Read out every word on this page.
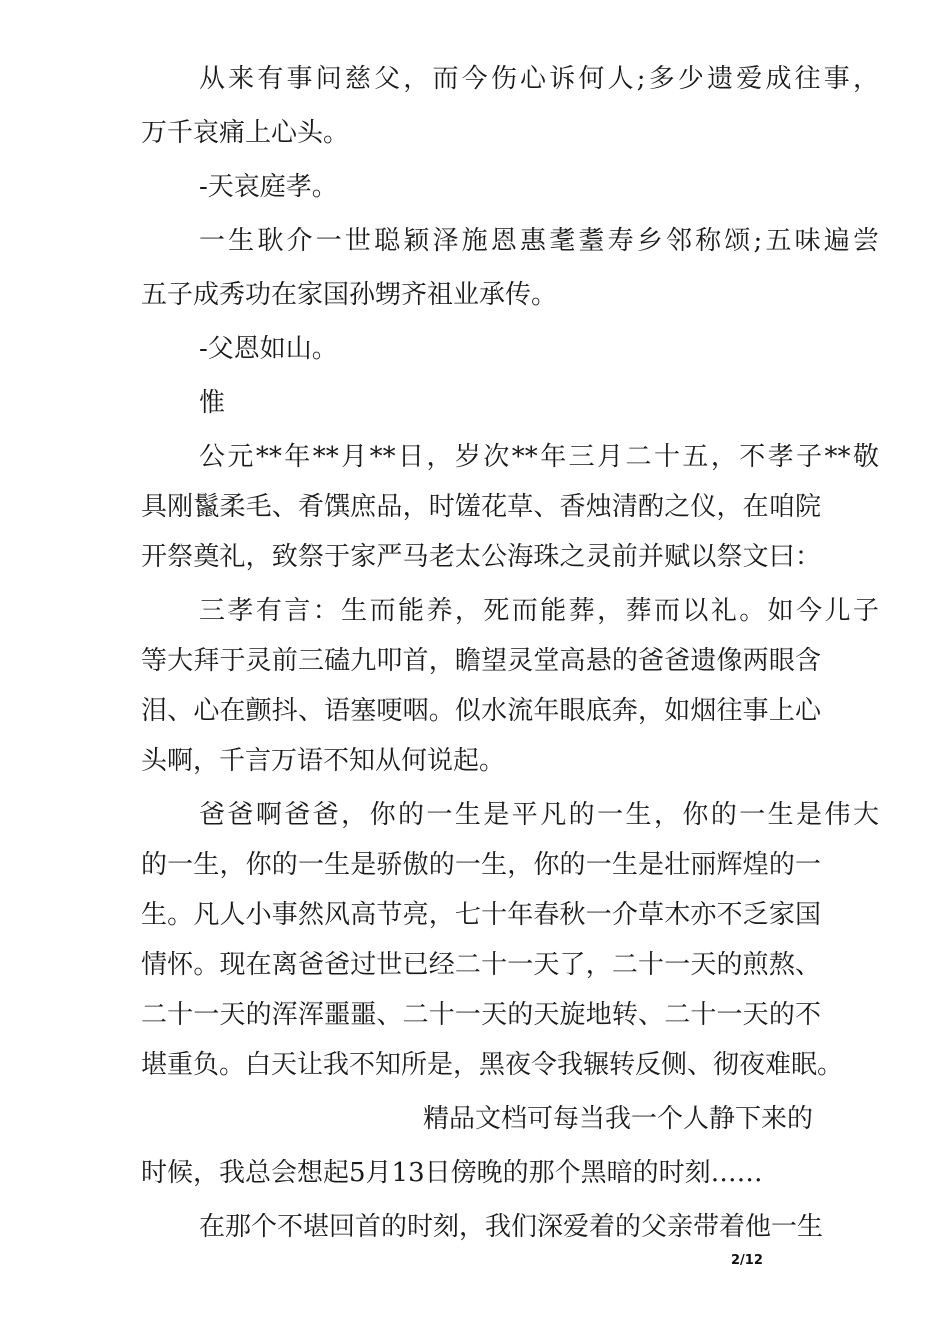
从来有事问慈父，而今伤心诉何人;多少遗爱成往事，

万千哀痛上心头。

-天哀庭孝。

一生耿介一世聪颖泽施恩惠耄耋寿乡邻称颂;五味遍尝

五子成秀功在家国孙甥齐祖业承传。

-父恩如山。

惟

公元**年**月**日，岁次**年三月二十五，不孝子**敬

具刚鬣柔毛、肴馔庶品，时馐花草、香烛清酌之仪，在咱院

开祭奠礼，致祭于家严马老太公海珠之灵前并赋以祭文曰：

三孝有言：生而能养，死而能葬，葬而以礼。如今儿子

等大拜于灵前三磕九叩首，瞻望灵堂高悬的爸爸遗像两眼含

泪、心在颤抖、语塞哽咽。似水流年眼底奔，如烟往事上心

头啊，千言万语不知从何说起。

爸爸啊爸爸，你的一生是平凡的一生，你的一生是伟大

的一生，你的一生是骄傲的一生，你的一生是壮丽辉煌的一

生。凡人小事然风高节亮，七十年春秋一介草木亦不乏家国

情怀。现在离爸爸过世已经二十一天了，二十一天的煎熬、

二十一天的浑浑噩噩、二十一天的天旋地转、二十一天的不

堪重负。白天让我不知所是，黑夜令我辗转反侧、彻夜难眠。

精品文档可每当我一个人静下来的

时候，我总会想起5月13日傍晚的那个黑暗的时刻……

在那个不堪回首的时刻，我们深爱着的父亲带着他一生

2/12
